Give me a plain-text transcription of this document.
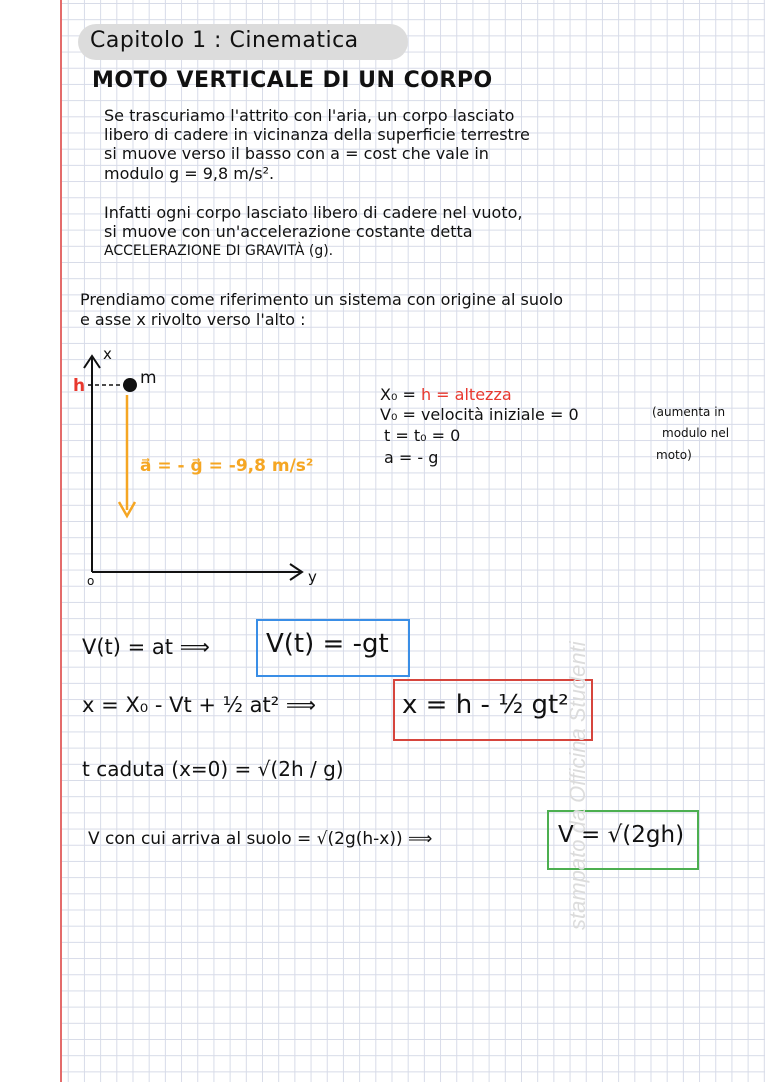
Capitolo 1 : Cinematica
MOTO VERTICALE DI UN CORPO
Se trascuriamo l'attrito con l'aria, un corpo lasciato
libero di cadere in vicinanza della superficie terrestre
si muove verso il basso con a = cost che vale in
modulo g = 9,8 m/s².
Infatti ogni corpo lasciato libero di cadere nel vuoto,
si muove con un'accelerazione costante detta
ACCELERAZIONE DI GRAVITÀ (g).
Prendiamo come riferimento un sistema con origine al suolo
e asse x rivolto verso l'alto :
x
y
o
h	m
a⃗ = - g⃗ = -9,8 m/s²
X₀ = h = altezza
V₀ = velocità iniziale = 0	(aumenta in
modulo nel
moto)
t = t₀ = 0
a = - g
V(t) = at ⟹ V(t) = -gt
x = X₀ - Vt + ½ at² ⟹	x = h - ½ gt²
t caduta (x=0) = √(2h / g)
V con cui arriva al suolo = √(2g(h-x)) ⟹	V = √(2gh)
stampato da Officina Studenti
